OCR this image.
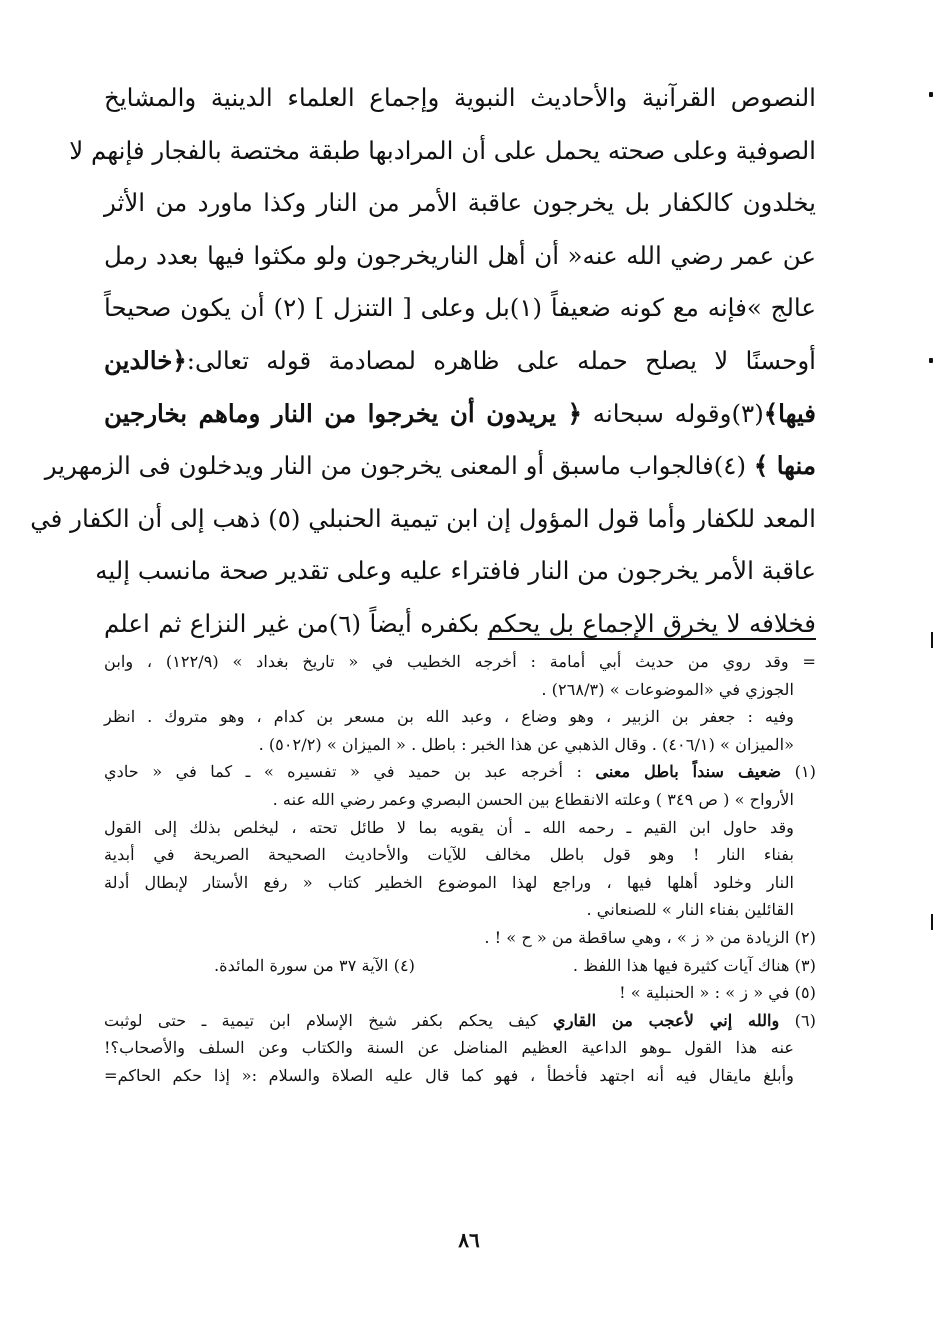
النصوص القرآنية والأحاديث النبوية وإجماع العلماء الدينية والمشايخ
الصوفية وعلى صحته يحمل على أن المرادبها طبقة مختصة بالفجار فإنهم لا
يخلدون كالكفار بل يخرجون عاقبة الأمر من النار وكذا ماورد من الأثر
عن عمر رضي الله عنه« أن أهل الناريخرجون ولو مكثوا فيها بعدد رمل
عالج »فإنه مع كونه ضعيفاً (١)بل وعلى [ التنزل ] (٢) أن يكون صحيحاً
أوحسنًا لا يصلح حمله على ظاهره لمصادمة قوله تعالى:﴿خالدين
فيها﴾(٣)وقوله سبحانه ﴿ يريدون أن يخرجوا من النار وماهم بخارجين
منها ﴾ (٤)فالجواب ماسبق أو المعنى يخرجون من النار ويدخلون فى الزمهرير
المعد للكفار وأما قول المؤول إن ابن تيمية الحنبلي (٥) ذهب إلى أن الكفار في
عاقبة الأمر يخرجون من النار فافتراء عليه وعلى تقدير صحة مانسب إليه
فخلافه لا يخرق الإجماع بل يحكم بكفره أيضاً (٦)من غير النزاع ثم اعلم
= وقد روي من حديث أبي أمامة : أخرجه الخطيب في « تاريخ بغداد » (١٢٢/٩) ، وابن
الجوزي في «الموضوعات » (٢٦٨/٣) .
وفيه : جعفر بن الزبير ، وهو وضاع ، وعبد الله بن مسعر بن كدام ، وهو متروك . انظر
«الميزان » (٤٠٦/١) . وقال الذهبي عن هذا الخبر : باطل . « الميزان » (٥٠٢/٢) .
(١) ضعيف سنداً باطل معنى : أخرجه عبد بن حميد في « تفسيره » ـ كما في « حادي
الأرواح » ( ص ٣٤٩ ) وعلته الانقطاع بين الحسن البصري وعمر رضي الله عنه .
وقد حاول ابن القيم ـ رحمه الله ـ أن يقويه بما لا طائل تحته ، ليخلص بذلك إلى القول
بفناء النار ! وهو قول باطل مخالف للآيات والأحاديث الصحيحة الصريحة في أبدية
النار وخلود أهلها فيها ، وراجع لهذا الموضوع الخطير كتاب « رفع الأستار لإبطال أدلة
القائلين بفناء النار » للصنعاني .
(٢) الزيادة من « ز » ، وهي ساقطة من « ح » ! .
(٣) هناك آيات كثيرة فيها هذا اللفظ .
(٤) الآية ٣٧ من سورة المائدة.
(٥) في « ز » : « الحنبلية » !
(٦) والله إني لأعجب من القاري كيف يحكم بكفر شيخ الإسلام ابن تيمية ـ حتى لوثبت
عنه هذا القول ـوهو الداعية العظيم المناضل عن السنة والكتاب وعن السلف والأصحاب؟!
وأبلغ مايقال فيه أنه اجتهد فأخطأ ، فهو كما قال عليه الصلاة والسلام :« إذا حكم الحاكم=
٨٦
